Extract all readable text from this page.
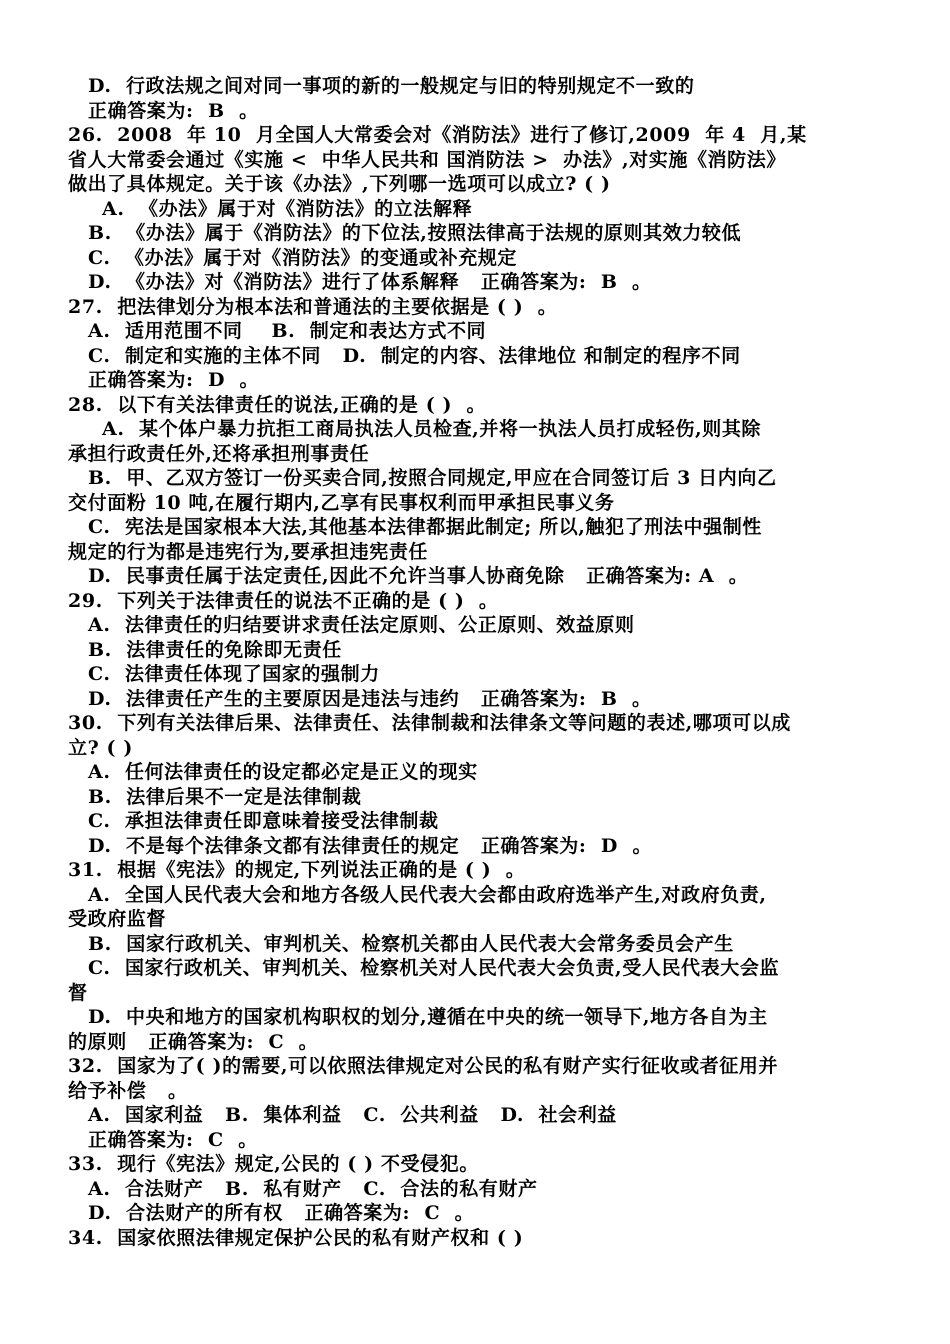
D.  行政法规之间对同一事项的新的一般规定与旧的特别规定不一致的
正确答案为:  B  。
26.  2008  年 10  月全国人大常委会对《消防法》进行了修订,2009  年 4  月,某
省人大常委会通过《实施 <  中华人民共和 国消防法 >  办法》,对实施《消防法》
做出了具体规定。关于该《办法》,下列哪一选项可以成立? ( )
A.  《办法》属于对《消防法》的立法解释
B.  《办法》属于《消防法》的下位法,按照法律高于法规的原则其效力较低
C.  《办法》属于对《消防法》的变通或补充规定
D.  《办法》对《消防法》进行了体系解释   正确答案为:  B  。
27.  把法律划分为根本法和普通法的主要依据是 ( )  。
A.  适用范围不同    B.  制定和表达方式不同
C.  制定和实施的主体不同   D.  制定的内容、法律地位 和制定的程序不同
正确答案为:  D  。
28.  以下有关法律责任的说法,正确的是 ( )  。
A.  某个体户暴力抗拒工商局执法人员检查,并将一执法人员打成轻伤,则其除
承担行政责任外,还将承担刑事责任
B.  甲、乙双方签订一份买卖合同,按照合同规定,甲应在合同签订后 3 日内向乙
交付面粉 10 吨,在履行期内,乙享有民事权利而甲承担民事义务
C.  宪法是国家根本大法,其他基本法律都据此制定; 所以,触犯了刑法中强制性
规定的行为都是违宪行为,要承担违宪责任
D.  民事责任属于法定责任,因此不允许当事人协商免除   正确答案为: A  。
29.  下列关于法律责任的说法不正确的是 ( )  。
A.  法律责任的归结要讲求责任法定原则、公正原则、效益原则
B.  法律责任的免除即无责任
C.  法律责任体现了国家的强制力
D.  法律责任产生的主要原因是违法与违约   正确答案为:  B  。
30.  下列有关法律后果、法律责任、法律制裁和法律条文等问题的表述,哪项可以成
立? ( )
A.  任何法律责任的设定都必定是正义的现实
B.  法律后果不一定是法律制裁
C.  承担法律责任即意味着接受法律制裁
D.  不是每个法律条文都有法律责任的规定   正确答案为:  D  。
31.  根据《宪法》的规定,下列说法正确的是 ( )  。
A.  全国人民代表大会和地方各级人民代表大会都由政府选举产生,对政府负责,
受政府监督
B.  国家行政机关、审判机关、检察机关都由人民代表大会常务委员会产生
C.  国家行政机关、审判机关、检察机关对人民代表大会负责,受人民代表大会监
督
D.  中央和地方的国家机构职权的划分,遵循在中央的统一领导下,地方各自为主
的原则   正确答案为:  C  。
32.  国家为了( )的需要,可以依照法律规定对公民的私有财产实行征收或者征用并
给予补偿   。
A.  国家利益   B.  集体利益   C.  公共利益   D.  社会利益
正确答案为:  C  。
33.  现行《宪法》规定,公民的 ( ) 不受侵犯。
A.  合法财产   B.  私有财产   C.  合法的私有财产
D.  合法财产的所有权   正确答案为:  C  。
34.  国家依照法律规定保护公民的私有财产权和 ( )
